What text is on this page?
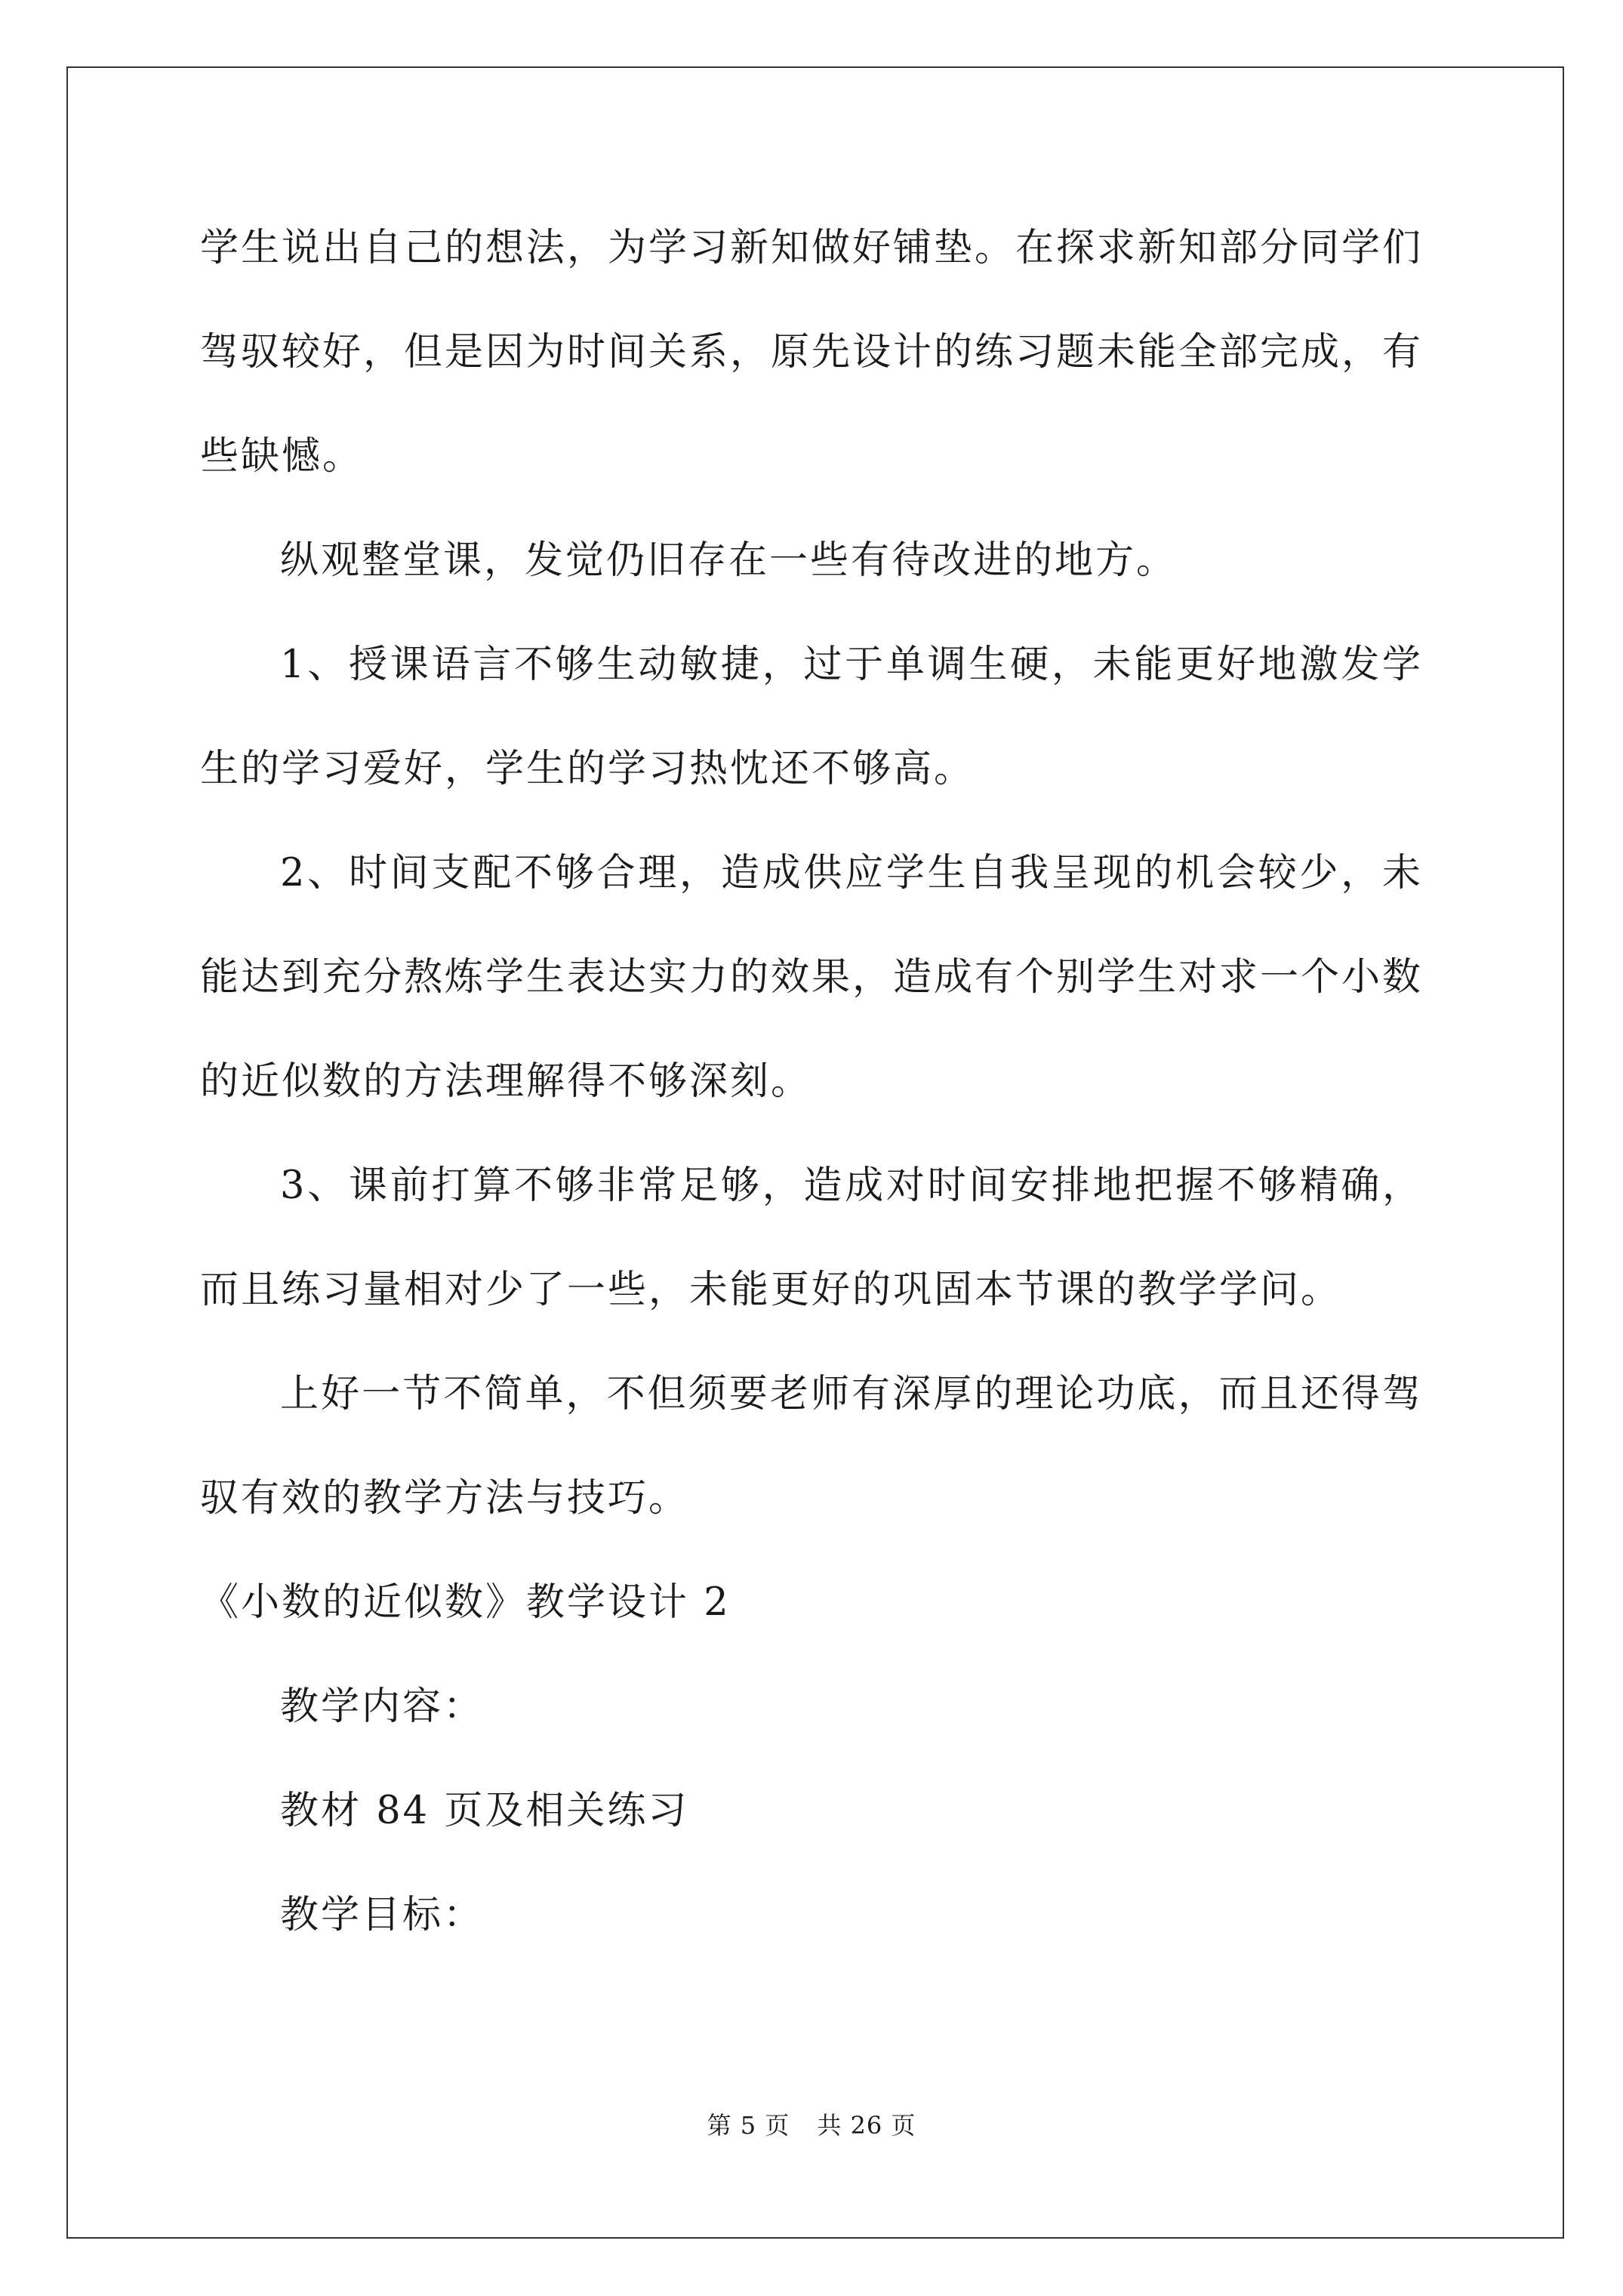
学生说出自己的想法，为学习新知做好铺垫。在探求新知部分同学们驾驭较好，但是因为时间关系，原先设计的练习题未能全部完成，有些缺憾。

纵观整堂课，发觉仍旧存在一些有待改进的地方。

1、授课语言不够生动敏捷，过于单调生硬，未能更好地激发学生的学习爱好，学生的学习热忱还不够高。

2、时间支配不够合理，造成供应学生自我呈现的机会较少，未能达到充分熬炼学生表达实力的效果，造成有个别学生对求一个小数的近似数的方法理解得不够深刻。

3、课前打算不够非常足够，造成对时间安排地把握不够精确，而且练习量相对少了一些，未能更好的巩固本节课的教学学问。

上好一节不简单，不但须要老师有深厚的理论功底，而且还得驾驭有效的教学方法与技巧。

《小数的近似数》教学设计 2

教学内容：

教材 84 页及相关练习

教学目标：

第 5 页 共 26 页
